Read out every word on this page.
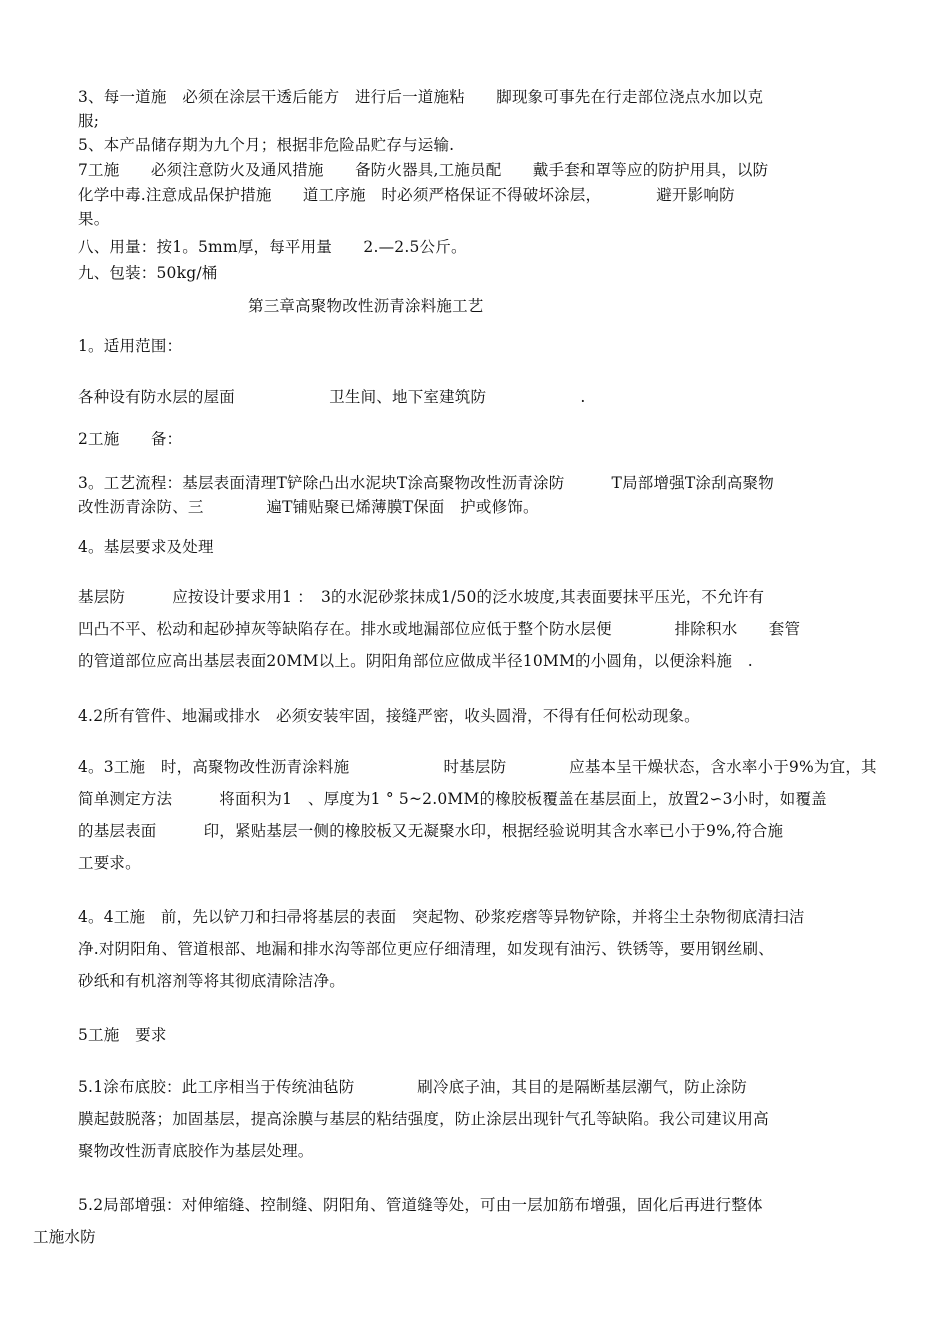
3、每一道施　必须在涂层干透后能方　进行后一道施粘　　脚现象可事先在行走部位浇点水加以克
服;
5、本产品储存期为九个月；根据非危险品贮存与运输.
7工施　　必须注意防火及通风措施　　备防火器具,工施员配　　戴手套和罩等应的防护用具，以防
化学中毒.注意成品保护措施　　道工序施　时必须严格保证不得破坏涂层，　　　　避开影响防
果。
八、用量：按1。5mm厚，每平用量　　2.—2.5公斤。
九、包装：50kg/桶
第三章高聚物改性沥青涂料施工艺
1。适用范围：
各种设有防水层的屋面　　　　　　卫生间、地下室建筑防　　　　　　.
2工施　　备：
3。工艺流程：基层表面清理T铲除凸出水泥块T涂高聚物改性沥青涂防　　　T局部增强T涂刮高聚物
改性沥青涂防、三　　　　遍T铺贴聚已烯薄膜T保面　护或修饰。
4。基层要求及处理
基层防　　　应按设计要求用1 ：　3的水泥砂浆抹成1/50的泛水坡度,其表面要抹平压光，不允许有
凹凸不平、松动和起砂掉灰等缺陷存在。排水或地漏部位应低于整个防水层便　　　　排除积水　　套管
的管道部位应高出基层表面20MM以上。阴阳角部位应做成半径10MM的小圆角，以便涂料施　.
4.2所有管件、地漏或排水　必须安装牢固，接缝严密，收头圆滑，不得有任何松动现象。
4。3工施　时，高聚物改性沥青涂料施　　　　　　时基层防　　　　应基本呈干燥状态，含水率小于9%为宜，其
简单测定方法　　　将面积为1　、厚度为1 ° 5~2.0MM的橡胶板覆盖在基层面上，放置2∽3小时，如覆盖
的基层表面　　　印，紧贴基层一侧的橡胶板又无凝聚水印，根据经验说明其含水率已小于9%,符合施
工要求。
4。4工施　前，先以铲刀和扫帚将基层的表面　突起物、砂浆疙瘩等异物铲除，并将尘土杂物彻底清扫洁
净.对阴阳角、管道根部、地漏和排水沟等部位更应仔细清理，如发现有油污、铁锈等，要用钢丝刷、
砂纸和有机溶剂等将其彻底清除洁净。
5工施　要求
5.1涂布底胶：此工序相当于传统油毡防　　　　刷冷底子油，其目的是隔断基层潮气，防止涂防
膜起鼓脱落；加固基层，提高涂膜与基层的粘结强度，防止涂层出现针气孔等缺陷。我公司建议用高
聚物改性沥青底胶作为基层处理。
5.2局部增强：对伸缩缝、控制缝、阴阳角、管道缝等处，可由一层加筋布增强，固化后再进行整体
工施水防
